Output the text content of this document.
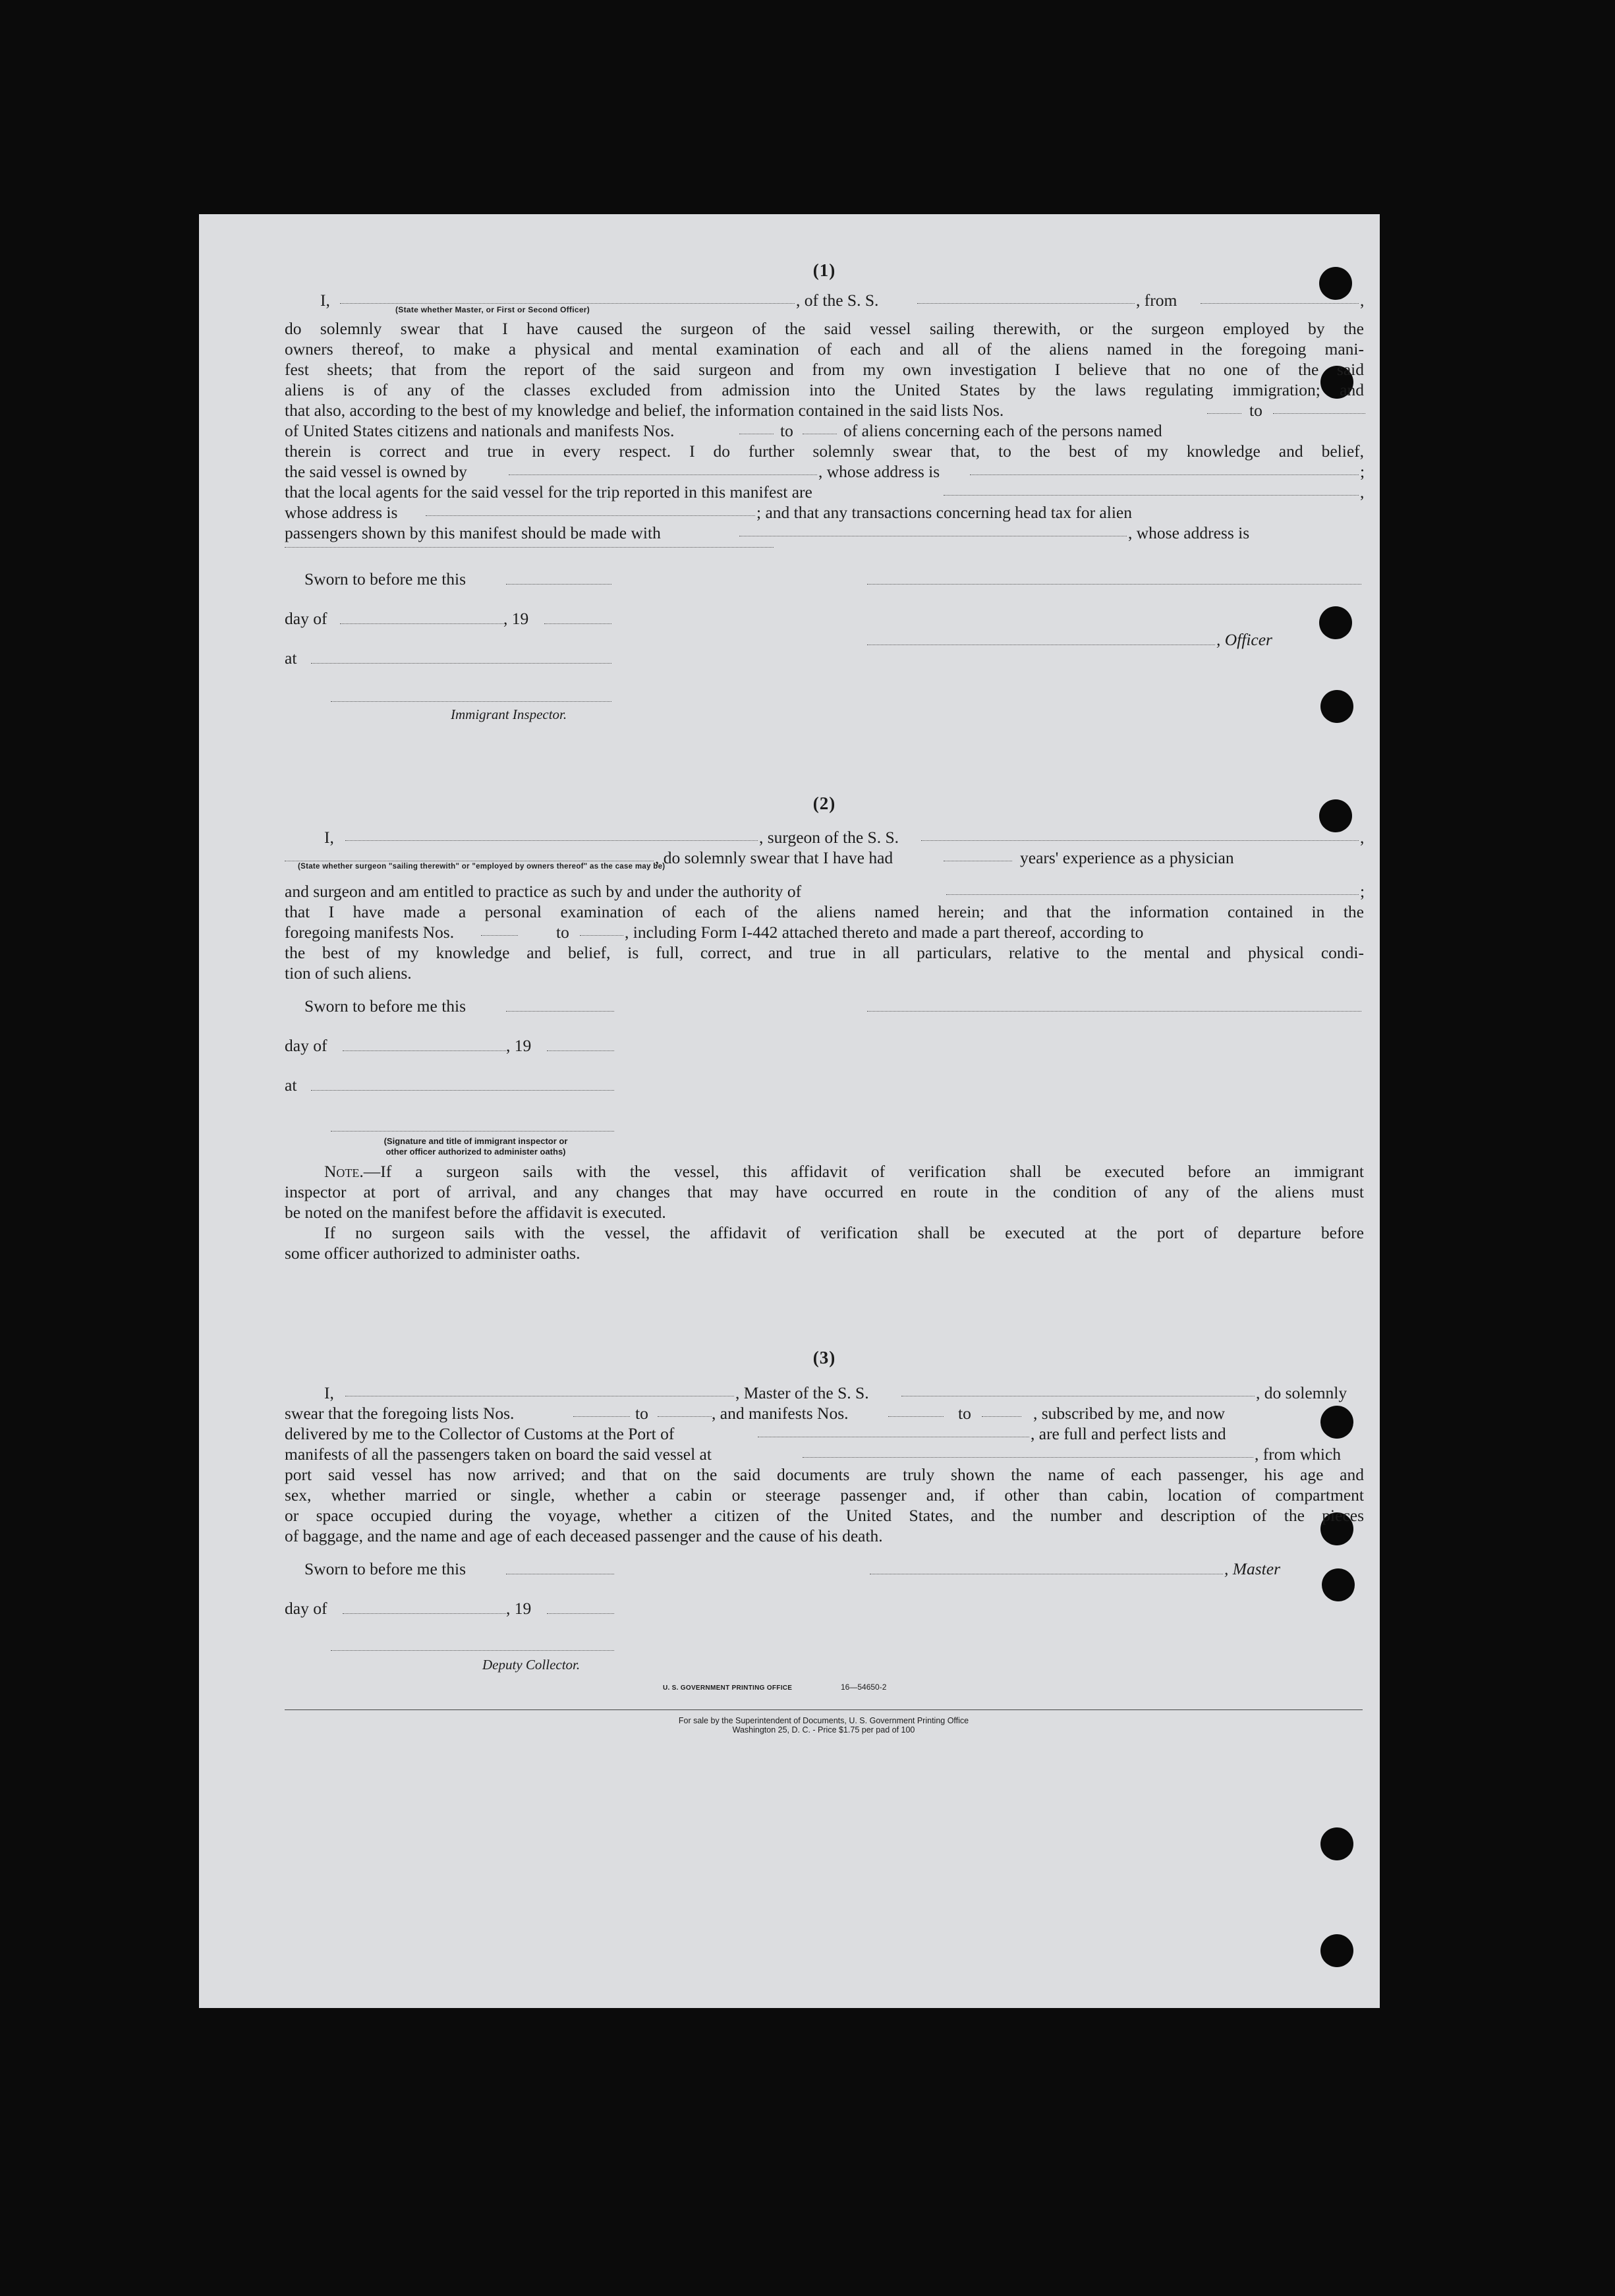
(1)
I,	, of the S. S.	, from	,
(State whether Master, or First or Second Officer)
do solemnly swear that I have caused the surgeon of the said vessel sailing therewith, or the surgeon employed by the
owners thereof, to make a physical and mental examination of each and all of the aliens named in the foregoing mani-
fest sheets; that from the report of the said surgeon and from my own investigation I believe that no one of the said
aliens is of any of the classes excluded from admission into the United States by the laws regulating immigration; and
that also, according to the best of my knowledge and belief, the information contained in the said lists Nos.	to
of United States citizens and nationals and manifests Nos.	to	of aliens concerning each of the persons named
therein is correct and true in every respect. I do further solemnly swear that, to the best of my knowledge and belief,
the said vessel is owned by	, whose address is	;
that the local agents for the said vessel for the trip reported in this manifest are	,
whose address is	; and that any transactions concerning head tax for alien
passengers shown by this manifest should be made with	, whose address is
Sworn to before me this
day of	, 19
, Officer
at
Immigrant Inspector.
(2)
I,	, surgeon of the S. S.	,
, do solemnly swear that I have had	years' experience as a physician
(State whether surgeon "sailing therewith" or "employed by owners thereof" as the case may be)
and surgeon and am entitled to practice as such by and under the authority of	;
that I have made a personal examination of each of the aliens named herein; and that the information contained in the
foregoing manifests Nos.	to	, including Form I-442 attached thereto and made a part thereof, according to
the best of my knowledge and belief, is full, correct, and true in all particulars, relative to the mental and physical condi-
tion of such aliens.
Sworn to before me this
day of	, 19
at
(Signature and title of immigrant inspector or
other officer authorized to administer oaths)
Note.—If a surgeon sails with the vessel, this affidavit of verification shall be executed before an immigrant
inspector at port of arrival, and any changes that may have occurred en route in the condition of any of the aliens must
be noted on the manifest before the affidavit is executed.
If no surgeon sails with the vessel, the affidavit of verification shall be executed at the port of departure before
some officer authorized to administer oaths.
(3)
I,	, Master of the S. S.	, do solemnly
swear that the foregoing lists Nos.	to	, and manifests Nos.	to	, subscribed by me, and now
delivered by me to the Collector of Customs at the Port of	, are full and perfect lists and
manifests of all the passengers taken on board the said vessel at	, from which
port said vessel has now arrived; and that on the said documents are truly shown the name of each passenger, his age and
sex, whether married or single, whether a cabin or steerage passenger and, if other than cabin, location of compartment
or space occupied during the voyage, whether a citizen of the United States, and the number and description of the pieces
of baggage, and the name and age of each deceased passenger and the cause of his death.
Sworn to before me this	, Master
day of	, 19
Deputy Collector.
U. S. GOVERNMENT PRINTING OFFICE	16—54650-2
For sale by the Superintendent of Documents, U. S. Government Printing Office
Washington 25, D. C. - Price $1.75 per pad of 100
